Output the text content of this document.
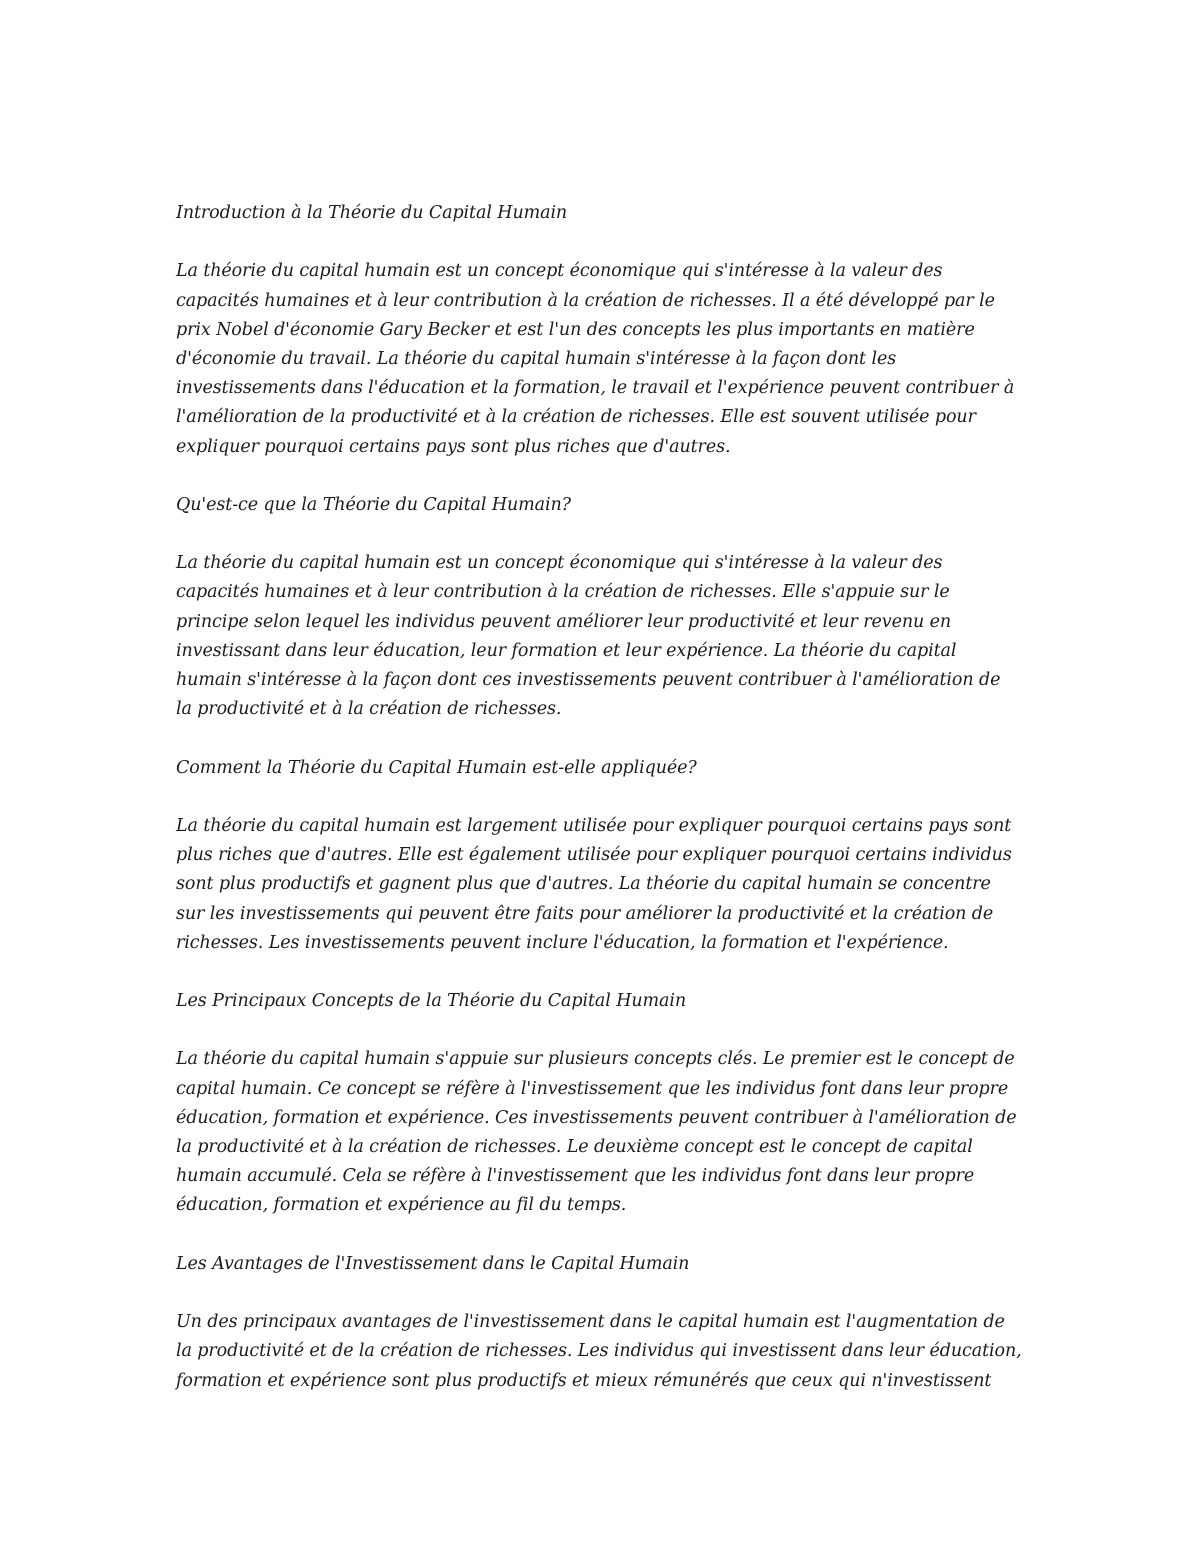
Introduction à la Théorie du Capital Humain
La théorie du capital humain est un concept économique qui s'intéresse à la valeur des
capacités humaines et à leur contribution à la création de richesses. Il a été développé par le
prix Nobel d'économie Gary Becker et est l'un des concepts les plus importants en matière
d'économie du travail. La théorie du capital humain s'intéresse à la façon dont les
investissements dans l'éducation et la formation, le travail et l'expérience peuvent contribuer à
l'amélioration de la productivité et à la création de richesses. Elle est souvent utilisée pour
expliquer pourquoi certains pays sont plus riches que d'autres.
Qu'est-ce que la Théorie du Capital Humain?
La théorie du capital humain est un concept économique qui s'intéresse à la valeur des
capacités humaines et à leur contribution à la création de richesses. Elle s'appuie sur le
principe selon lequel les individus peuvent améliorer leur productivité et leur revenu en
investissant dans leur éducation, leur formation et leur expérience. La théorie du capital
humain s'intéresse à la façon dont ces investissements peuvent contribuer à l'amélioration de
la productivité et à la création de richesses.
Comment la Théorie du Capital Humain est-elle appliquée?
La théorie du capital humain est largement utilisée pour expliquer pourquoi certains pays sont
plus riches que d'autres. Elle est également utilisée pour expliquer pourquoi certains individus
sont plus productifs et gagnent plus que d'autres. La théorie du capital humain se concentre
sur les investissements qui peuvent être faits pour améliorer la productivité et la création de
richesses. Les investissements peuvent inclure l'éducation, la formation et l'expérience.
Les Principaux Concepts de la Théorie du Capital Humain
La théorie du capital humain s'appuie sur plusieurs concepts clés. Le premier est le concept de
capital humain. Ce concept se réfère à l'investissement que les individus font dans leur propre
éducation, formation et expérience. Ces investissements peuvent contribuer à l'amélioration de
la productivité et à la création de richesses. Le deuxième concept est le concept de capital
humain accumulé. Cela se réfère à l'investissement que les individus font dans leur propre
éducation, formation et expérience au fil du temps.
Les Avantages de l'Investissement dans le Capital Humain
Un des principaux avantages de l'investissement dans le capital humain est l'augmentation de
la productivité et de la création de richesses. Les individus qui investissent dans leur éducation,
formation et expérience sont plus productifs et mieux rémunérés que ceux qui n'investissent
